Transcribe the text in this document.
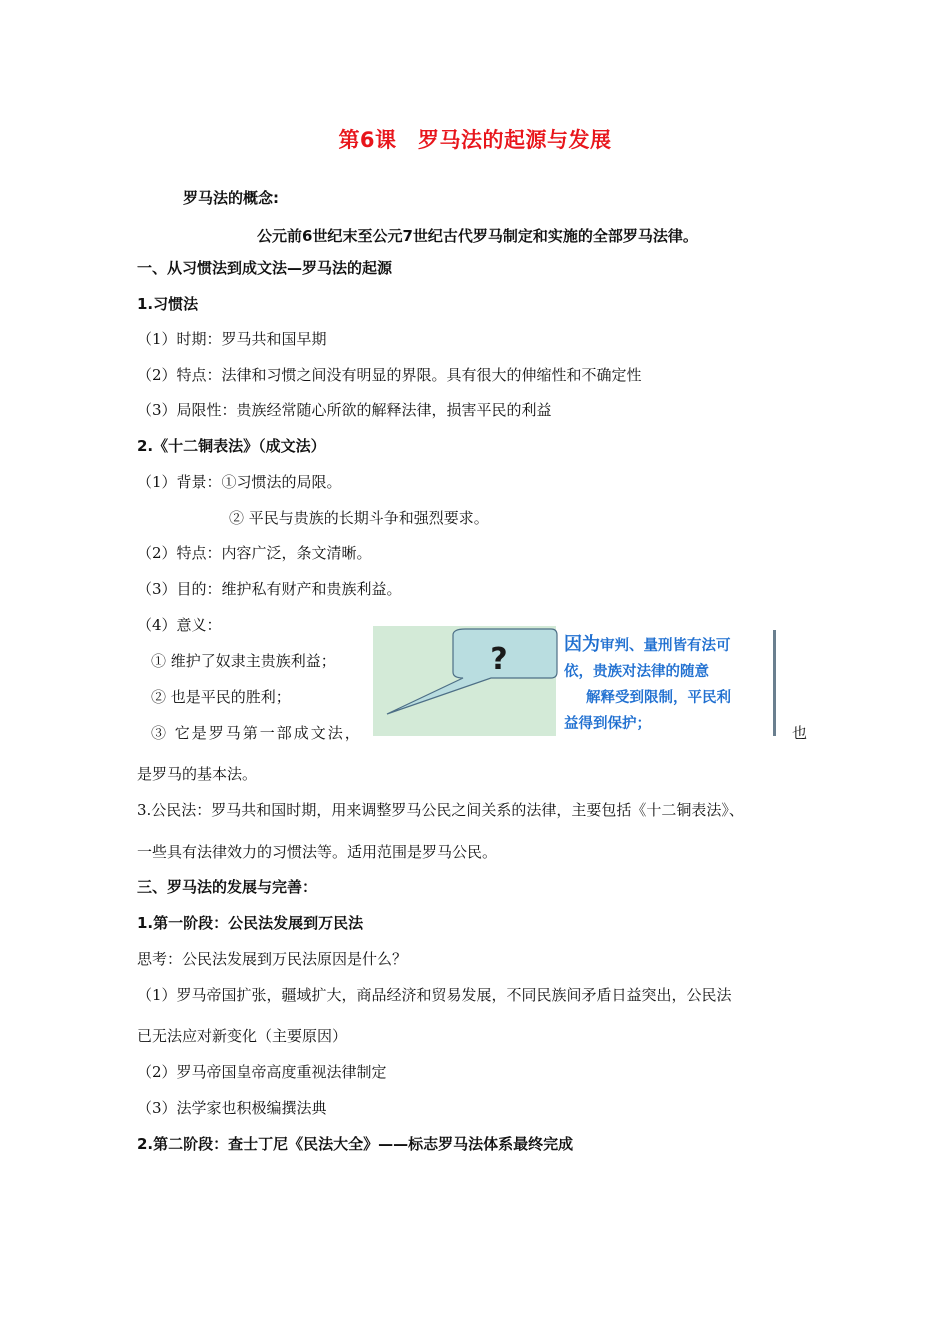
第6课　罗马法的起源与发展
罗马法的概念:
公元前6世纪末至公元7世纪古代罗马制定和实施的全部罗马法律。
一、从习惯法到成文法—罗马法的起源
1.习惯法
（1）时期：罗马共和国早期
（2）特点：法律和习惯之间没有明显的界限。具有很大的伸缩性和不确定性
（3）局限性：贵族经常随心所欲的解释法律，损害平民的利益
2.《十二铜表法》（成文法）
（1）背景：①习惯法的局限。
② 平民与贵族的长期斗争和强烈要求。
（2）特点：内容广泛，条文清晰。
（3）目的：维护私有财产和贵族利益。
（4）意义：
① 维护了奴隶主贵族利益；
② 也是平民的胜利；
③ 它是罗马第一部成文法，	也
是罗马的基本法。
?	因为审判、量刑皆有法可
依，贵族对法律的随意
解释受到限制，平民利
益得到保护；
3.公民法：罗马共和国时期，用来调整罗马公民之间关系的法律，主要包括《十二铜表法》、
一些具有法律效力的习惯法等。适用范围是罗马公民。
三、罗马法的发展与完善：
1.第一阶段：公民法发展到万民法
思考：公民法发展到万民法原因是什么？
（1）罗马帝国扩张，疆域扩大，商品经济和贸易发展，不同民族间矛盾日益突出，公民法
已无法应对新变化（主要原因）
（2）罗马帝国皇帝高度重视法律制定
（3）法学家也积极编撰法典
2.第二阶段：查士丁尼《民法大全》——标志罗马法体系最终完成
